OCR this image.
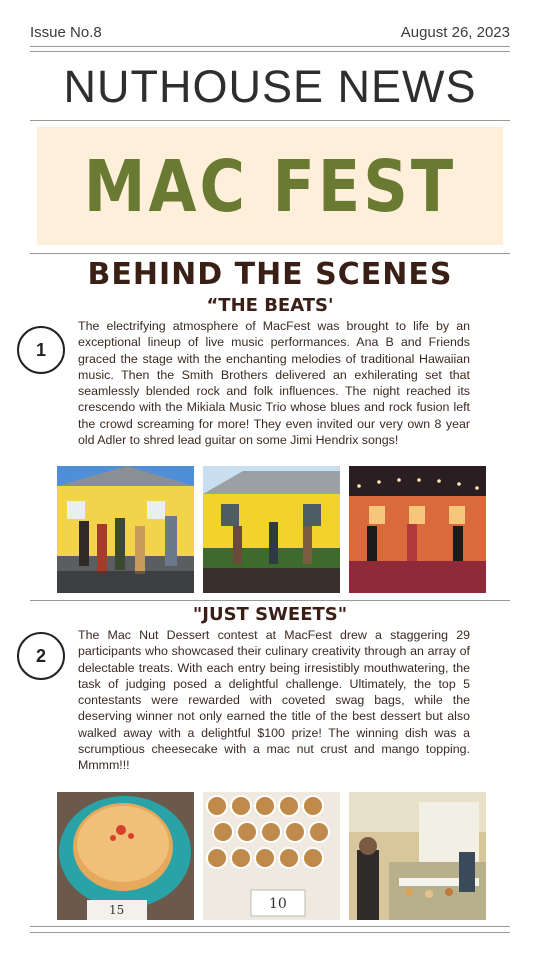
Issue No.8	August 26, 2023
NUTHOUSE NEWS
MAC FEST
BEHIND THE SCENES
“THE BEATS'
1
The electrifying atmosphere of MacFest was brought to life by an exceptional lineup of live music performances. Ana B and Friends graced the stage with the enchanting melodies of traditional Hawaiian music. Then the Smith Brothers delivered an exhilerating set that seamlessly blended rock and folk influences. The night reached its crescendo with the Mikiala Music Trio whose blues and rock fusion left the crowd screaming for more! They even invited our very own 8 year old Adler to shred lead guitar on some Jimi Hendrix songs!
"JUST SWEETS"
2
The Mac Nut Dessert contest at MacFest drew a staggering 29 participants who showcased their culinary creativity through an array of delectable treats. With each entry being irresistibly mouthwatering, the task of judging posed a delightful challenge. Ultimately, the top 5 contestants were rewarded with coveted swag bags, while the deserving winner not only earned the title of the best dessert but also walked away with a delightful $100 prize! The winning dish was a scrumptious cheesecake with a mac nut crust and mango topping. Mmmm!!!
15	10
